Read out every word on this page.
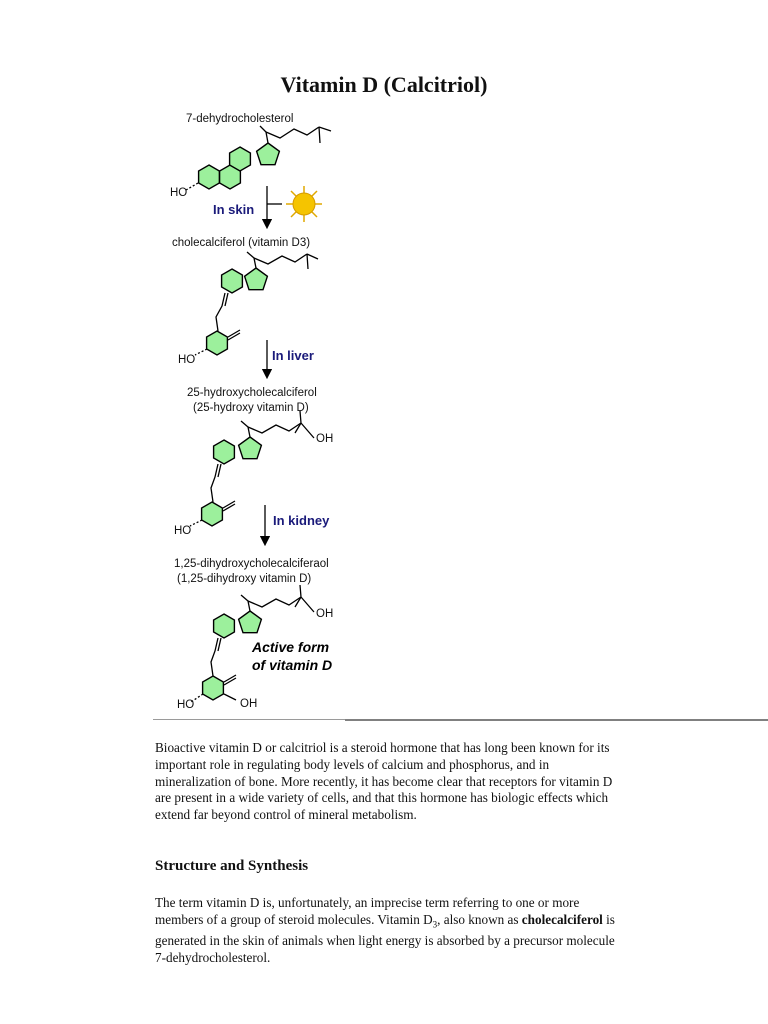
Vitamin D (Calcitriol)
7-dehydrocholesterol
HO
In skin
cholecalciferol (vitamin D3)
HO	In liver
25-hydroxycholecalciferol
(25-hydroxy vitamin D)
OH
HO
In kidney
1,25-dihydroxycholecalciferaol
(1,25-dihydroxy vitamin D)
OH
HO	OH
Active form
of vitamin D

Bioactive vitamin D or calcitriol is a steroid hormone that has long been known for its important role in regulating body levels of calcium and phosphorus, and in mineralization of bone. More recently, it has become clear that receptors for vitamin D are present in a wide variety of cells, and that this hormone has biologic effects which extend far beyond control of mineral metabolism.

Structure and Synthesis

The term vitamin D is, unfortunately, an imprecise term referring to one or more members of a group of steroid molecules. Vitamin $D_3$, also known as cholecalciferol is generated in the skin of animals when light energy is absorbed by a precursor molecule 7-dehydrocholesterol.
